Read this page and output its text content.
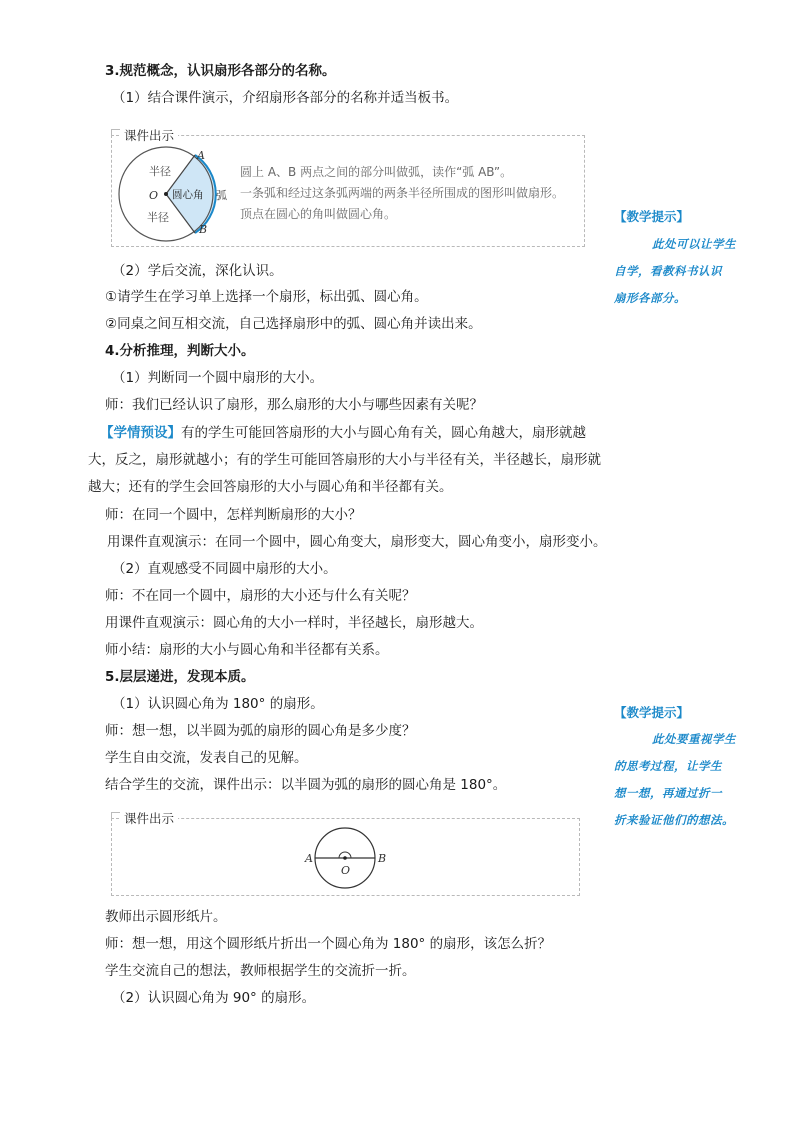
3.规范概念，认识扇形各部分的名称。
（1）结合课件演示，介绍扇形各部分的名称并适当板书。
课件出示
A
B
O
半径
半径
圆心角 弧
圆上 A、B 两点之间的部分叫做弧，读作“弧 AB”。
一条弧和经过这条弧两端的两条半径所围成的图形叫做扇形。
顶点在圆心的角叫做圆心角。
（2）学后交流，深化认识。
①请学生在学习单上选择一个扇形，标出弧、圆心角。
②同桌之间互相交流，自己选择扇形中的弧、圆心角并读出来。
4.分析推理，判断大小。
（1）判断同一个圆中扇形的大小。
师：我们已经认识了扇形，那么扇形的大小与哪些因素有关呢？
【学情预设】有的学生可能回答扇形的大小与圆心角有关，圆心角越大，扇形就越
大，反之，扇形就越小；有的学生可能回答扇形的大小与半径有关，半径越长，扇形就
越大；还有的学生会回答扇形的大小与圆心角和半径都有关。
师：在同一个圆中，怎样判断扇形的大小？
用课件直观演示：在同一个圆中，圆心角变大，扇形变大，圆心角变小，扇形变小。
（2）直观感受不同圆中扇形的大小。
师：不在同一个圆中，扇形的大小还与什么有关呢？
用课件直观演示：圆心角的大小一样时，半径越长，扇形越大。
师小结：扇形的大小与圆心角和半径都有关系。
5.层层递进，发现本质。
（1）认识圆心角为 180° 的扇形。
师：想一想，以半圆为弧的扇形的圆心角是多少度？
学生自由交流，发表自己的见解。
结合学生的交流，课件出示：以半圆为弧的扇形的圆心角是 180°。
课件出示
A	B
O
教师出示圆形纸片。
师：想一想，用这个圆形纸片折出一个圆心角为 180° 的扇形，该怎么折？
学生交流自己的想法，教师根据学生的交流折一折。
（2）认识圆心角为 90° 的扇形。
【教学提示】
此处可以让学生
自学，看教科书认识
扇形各部分。
【教学提示】
此处要重视学生
的思考过程，让学生
想一想，再通过折一
折来验证他们的想法。
